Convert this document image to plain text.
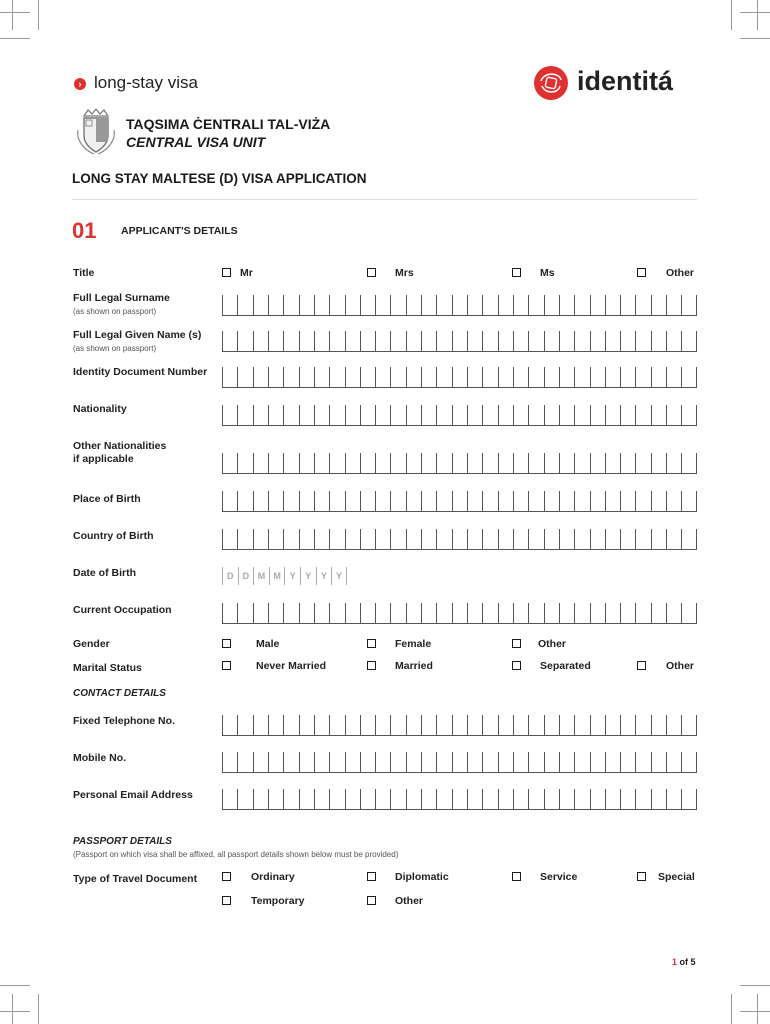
› long-stay visa	identitá
TAQSIMA ĊENTRALI TAL-VIŻA
CENTRAL VISA UNIT
LONG STAY MALTESE (D) VISA APPLICATION
01 APPLICANT'S DETAILS
Title	Mr	Mrs	Ms	Other
Full Legal Surname
(as shown on passport)
Full Legal Given Name (s)
(as shown on passport)
Identity Document Number
Nationality
Other Nationalities
if applicable
Place of Birth
Country of Birth
Date of Birth	D	D M M Y	Y	Y	Y
Current Occupation
Gender	Male	Female	Other
Marital Status	Never Married	Married	Separated	Other
CONTACT DETAILS
Fixed Telephone No.
Mobile No.
Personal Email Address
PASSPORT DETAILS
(Passport on which visa shall be affixed, all passport details shown below must be provided)
Type of Travel Document	Ordinary	Diplomatic	Service	Special
Temporary	Other
1 of 5
